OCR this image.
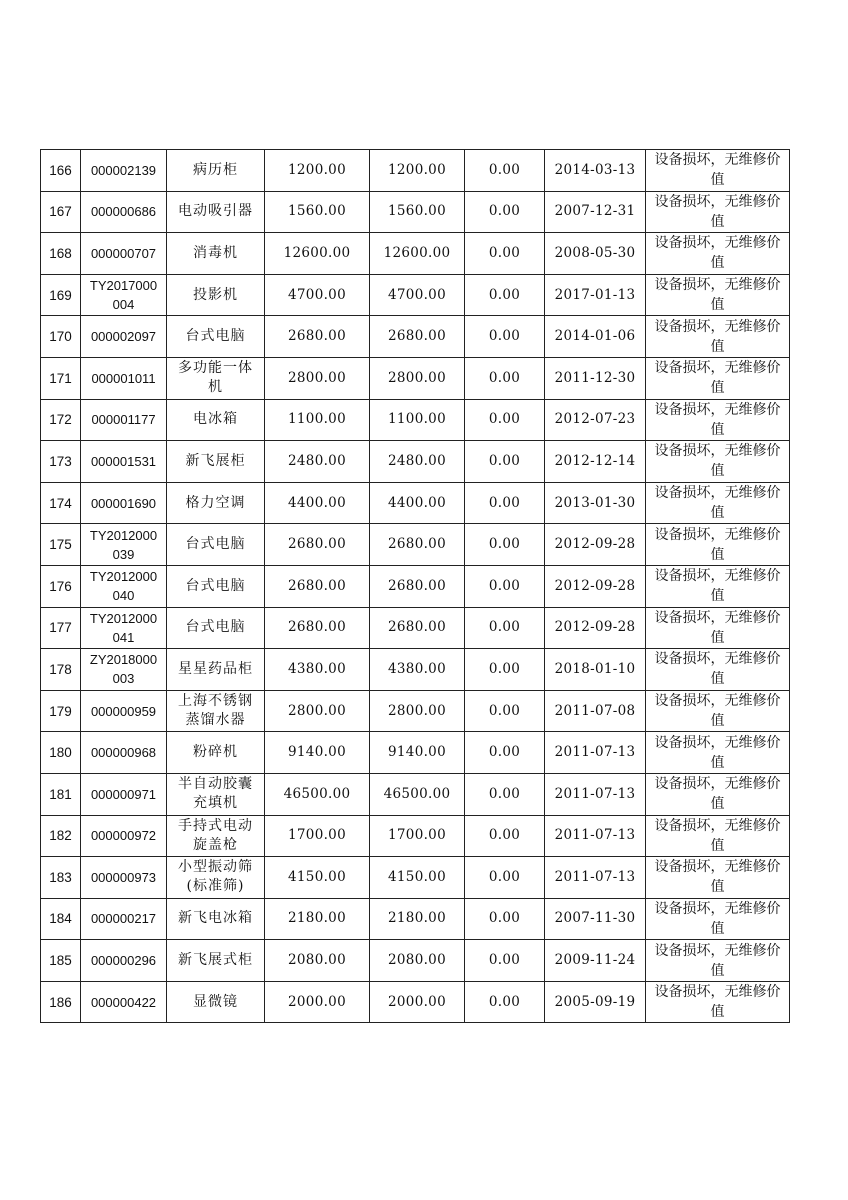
166	000002139	病历柜	1200.00	1200.00	0.00	2014-03-13	设备损坏，无维修价值
167	000000686	电动吸引器	1560.00	1560.00	0.00	2007-12-31	设备损坏，无维修价值
168	000000707	消毒机	12600.00	12600.00	0.00	2008-05-30	设备损坏，无维修价值
169	TY2017000004	投影机	4700.00	4700.00	0.00	2017-01-13	设备损坏，无维修价值
170	000002097	台式电脑	2680.00	2680.00	0.00	2014-01-06	设备损坏，无维修价值
171	000001011	多功能一体机	2800.00	2800.00	0.00	2011-12-30	设备损坏，无维修价值
172	000001177	电冰箱	1100.00	1100.00	0.00	2012-07-23	设备损坏，无维修价值
173	000001531	新飞展柜	2480.00	2480.00	0.00	2012-12-14	设备损坏，无维修价值
174	000001690	格力空调	4400.00	4400.00	0.00	2013-01-30	设备损坏，无维修价值
175	TY2012000039	台式电脑	2680.00	2680.00	0.00	2012-09-28	设备损坏，无维修价值
176	TY2012000040	台式电脑	2680.00	2680.00	0.00	2012-09-28	设备损坏，无维修价值
177	TY2012000041	台式电脑	2680.00	2680.00	0.00	2012-09-28	设备损坏，无维修价值
178	ZY2018000003	星星药品柜	4380.00	4380.00	0.00	2018-01-10	设备损坏，无维修价值
179	000000959	上海不锈钢蒸馏水器	2800.00	2800.00	0.00	2011-07-08	设备损坏，无维修价值
180	000000968	粉碎机	9140.00	9140.00	0.00	2011-07-13	设备损坏，无维修价值
181	000000971	半自动胶囊充填机	46500.00	46500.00	0.00	2011-07-13	设备损坏，无维修价值
182	000000972	手持式电动旋盖枪	1700.00	1700.00	0.00	2011-07-13	设备损坏，无维修价值
183	000000973	小型振动筛(标准筛)	4150.00	4150.00	0.00	2011-07-13	设备损坏，无维修价值
184	000000217	新飞电冰箱	2180.00	2180.00	0.00	2007-11-30	设备损坏，无维修价值
185	000000296	新飞展式柜	2080.00	2080.00	0.00	2009-11-24	设备损坏，无维修价值
186	000000422	显微镜	2000.00	2000.00	0.00	2005-09-19	设备损坏，无维修价值
